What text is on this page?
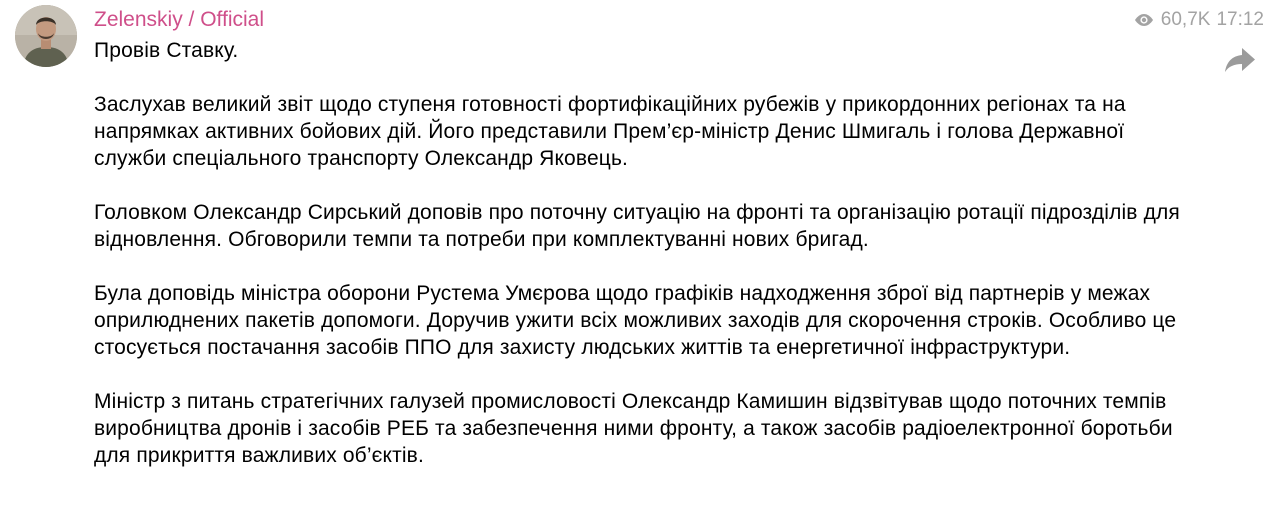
Zelenskiy / Official	60,7K 17:12

Провів Ставку.

Заслухав великий звіт щодо ступеня готовності фортифікаційних рубежів у прикордонних регіонах та на напрямках активних бойових дій. Його представили Прем’єр-міністр Денис Шмигаль і голова Державної служби спеціального транспорту Олександр Яковець.

Головком Олександр Сирський доповів про поточну ситуацію на фронті та організацію ротації підрозділів для відновлення. Обговорили темпи та потреби при комплектуванні нових бригад.

Була доповідь міністра оборони Рустема Умєрова щодо графіків надходження зброї від партнерів у межах оприлюднених пакетів допомоги. Доручив ужити всіх можливих заходів для скорочення строків. Особливо це стосується постачання засобів ППО для захисту людських життів та енергетичної інфраструктури.

Міністр з питань стратегічних галузей промисловості Олександр Камишин відзвітував щодо поточних темпів виробництва дронів і засобів РЕБ та забезпечення ними фронту, а також засобів радіоелектронної боротьби для прикриття важливих об’єктів.
